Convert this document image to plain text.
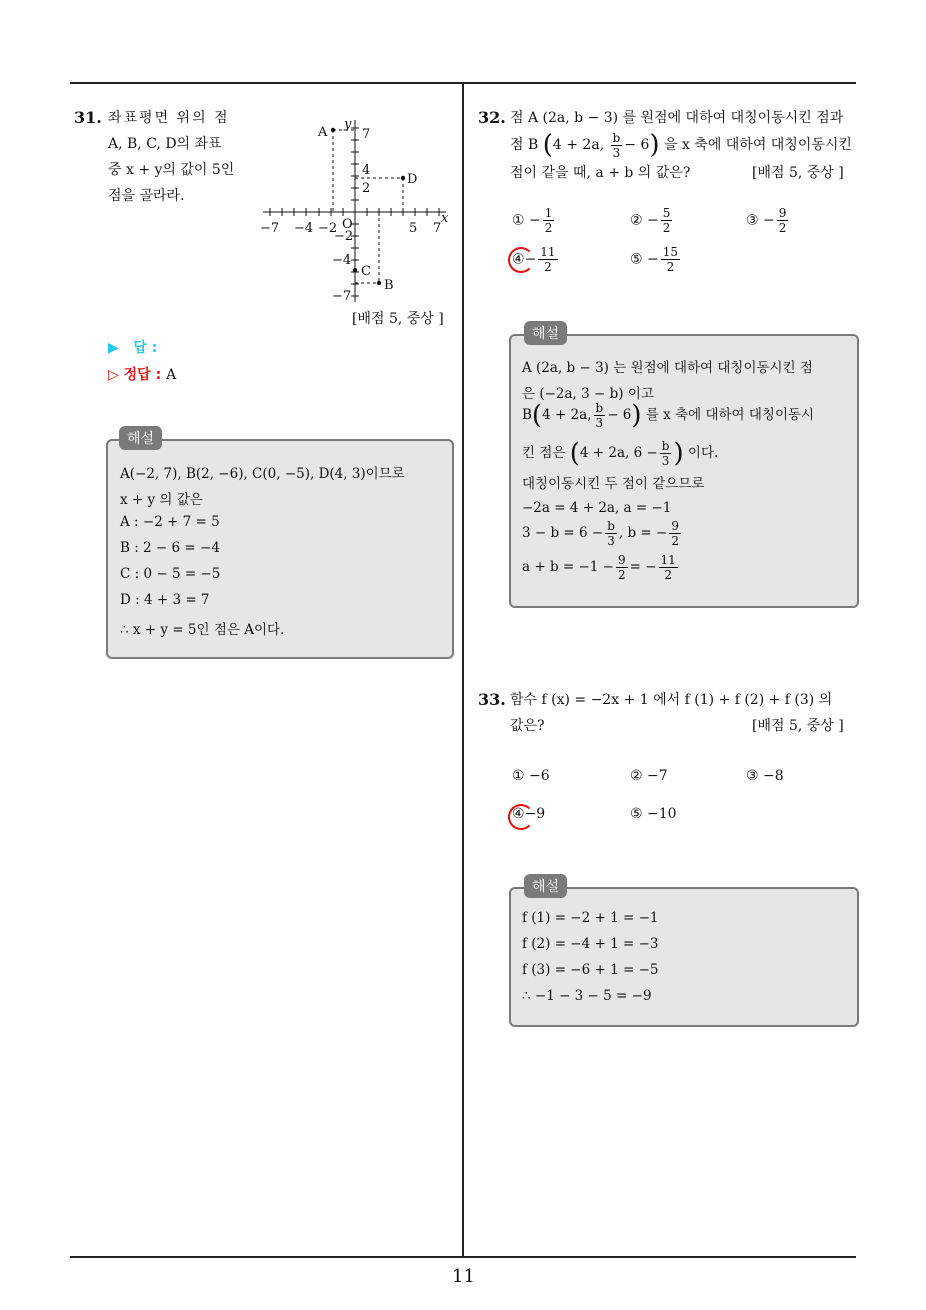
11
31. 좌표평면 위의 점
A, B, C, D의 좌표
중 x + y의 값이 5인
점을 골라라.
A
D
C
B
O
y
x
7
4
2
−2
−4
−7
−7 −4 −2	5 7
[배점 5, 중상 ]
▶ 답 :
▷ 정답 : A
해설
A(−2, 7), B(2, −6), C(0, −5), D(4, 3)이므로
x + y 의 값은
A : −2 + 7 = 5
B : 2 − 6 = −4
C : 0 − 5 = −5
D : 4 + 3 = 7
∴ x + y = 5인 점은 A이다.
32. 점 A (2a, b − 3) 를 원점에 대하여 대칭이동시킨 점과
점 B (4 + 2a, $\frac{b}{3} - 6$) 을 x 축에 대하여 대칭이동시킨
점이 같을 때, a + b 의 값은?	[배점 5, 중상 ]
① − $\frac{1}{2}$	② − $\frac{5}{2}$	③ − $\frac{9}{2}$
④− $\frac{11}{2}$	⑤ − $\frac{15}{2}$
해설
A (2a, b − 3) 는 원점에 대하여 대칭이동시킨 점
은 (−2a, 3 − b) 이고
B(4 + 2a, $\frac{b}{3} - 6$) 를 x 축에 대하여 대칭이동시
킨 점은 (4 + 2a, $6 - \frac{b}{3}$ ) 이다.
대칭이동시킨 두 점이 같으므로
−2a = 4 + 2a, a = −1
$3 - b = 6 - \frac{b}{3}$ , b = − $\frac{9}{2}$
$a + b = -1 - \frac{9}{2}$ = − $\frac{11}{2}$
33. 함수 f (x) = −2x + 1 에서 f (1) + f (2) + f (3) 의
값은?	[배점 5, 중상 ]
① −6	② −7	③ −8
④−9	⑤ −10
해설
f (1) = −2 + 1 = −1
f (2) = −4 + 1 = −3
f (3) = −6 + 1 = −5
∴ −1 − 3 − 5 = −9
